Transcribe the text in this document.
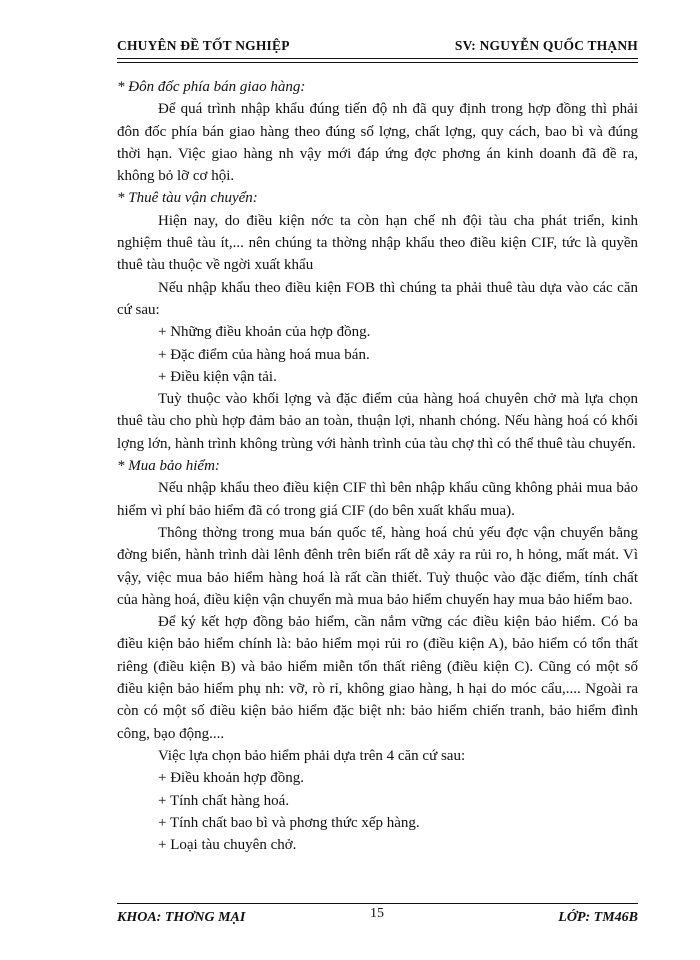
CHUYÊN ĐỀ TỐT NGHIỆP	SV: NGUYỄN QUỐC THẠNH

* Đôn đốc phía bán giao hàng:

Để quá trình nhập khẩu đúng tiến độ nh đã quy định trong hợp đồng thì phải đôn đốc phía bán giao hàng theo đúng số lợng, chất lợng, quy cách, bao bì và đúng thời hạn. Việc giao hàng nh vậy mới đáp ứng đợc phơng án kinh doanh đã đề ra, không bỏ lỡ cơ hội.

* Thuê tàu vận chuyển:

Hiện nay, do điều kiện nớc ta còn hạn chế nh đội tàu cha phát triển, kinh nghiệm thuê tàu ít,... nên chúng ta thờng nhập khẩu theo điều kiện CIF, tức là quyền thuê tàu thuộc về ngời xuất khẩu

Nếu nhập khẩu theo điều kiện FOB thì chúng ta phải thuê tàu dựa vào các căn cứ sau:

+ Những điều khoản của hợp đồng.

+ Đặc điểm của hàng hoá mua bán.

+ Điều kiện vận tải.

Tuỳ thuộc vào khối lợng và đặc điểm của hàng hoá chuyên chở mà lựa chọn thuê tàu cho phù hợp đảm bảo an toàn, thuận lợi, nhanh chóng. Nếu hàng hoá có khối lợng lớn, hành trình không trùng với hành trình của tàu chợ thì có thể thuê tàu chuyến.

* Mua bảo hiểm:

Nếu nhập khẩu theo điều kiện CIF thì bên nhập khẩu cũng không phải mua bảo hiểm vì phí bảo hiểm đã có trong giá CIF (do bên xuất khẩu mua).

Thông thờng trong mua bán quốc tế, hàng hoá chủ yếu đợc vận chuyển bằng đờng biển, hành trình dài lênh đênh trên biển rất dễ xảy ra rủi ro, h hỏng, mất mát. Vì vậy, việc mua bảo hiểm hàng hoá là rất cần thiết. Tuỳ thuộc vào đặc điểm, tính chất của hàng hoá, điều kiện vận chuyển mà mua bảo hiểm chuyến hay mua bảo hiểm bao.

Để ký kết hợp đồng bảo hiểm, cần nắm vững các điều kiện bảo hiểm. Có ba điều kiện bảo hiểm chính là: bảo hiểm mọi rủi ro (điều kiện A), bảo hiểm có tổn thất riêng (điều kiện B) và bảo hiểm miễn tổn thất riêng (điều kiện C). Cũng có một số điều kiện bảo hiểm phụ nh: vỡ, rò rỉ, không giao hàng, h hại do móc cẩu,.... Ngoài ra còn có một số điều kiện bảo hiểm đặc biệt nh: bảo hiểm chiến tranh, bảo hiểm đình công, bạo động....

Việc lựa chọn bảo hiểm phải dựa trên 4 căn cứ sau:

+ Điều khoản hợp đồng.

+ Tính chất hàng hoá.

+ Tính chất bao bì và phơng thức xếp hàng.

+ Loại tàu chuyên chở.

KHOA: THƠNG MẠI	15	LỚP: TM46B
